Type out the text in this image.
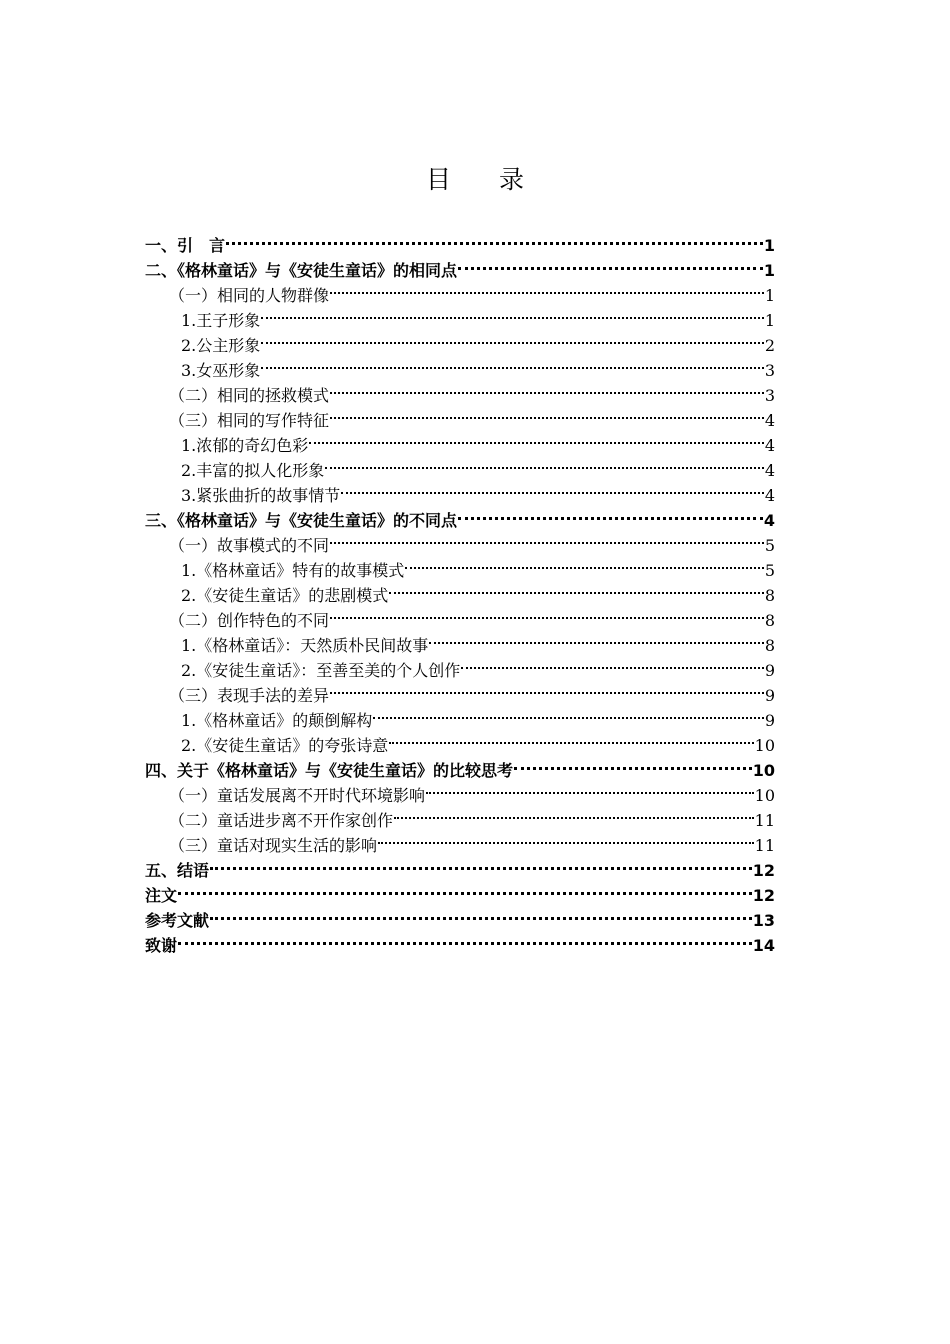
目 录
一、引　言	1
二、《格林童话》与《安徒生童话》的相同点	1
（一）相同的人物群像	1
1.王子形象	1
2.公主形象	2
3.女巫形象	3
（二）相同的拯救模式	3
（三）相同的写作特征	4
1.浓郁的奇幻色彩	4
2.丰富的拟人化形象	4
3.紧张曲折的故事情节	4
三、《格林童话》与《安徒生童话》的不同点	4
（一）故事模式的不同	5
1.《格林童话》特有的故事模式	5
2.《安徒生童话》的悲剧模式	8
（二）创作特色的不同	8
1.《格林童话》：天然质朴民间故事	8
2.《安徒生童话》：至善至美的个人创作	9
（三）表现手法的差异	9
1.《格林童话》的颠倒解构	9
2.《安徒生童话》的夸张诗意	10
四、关于《格林童话》与《安徒生童话》的比较思考	10
（一）童话发展离不开时代环境影响	10
（二）童话进步离不开作家创作	11
（三）童话对现实生活的影响	11
五、结语	12
注文	12
参考文献	13
致谢	14
